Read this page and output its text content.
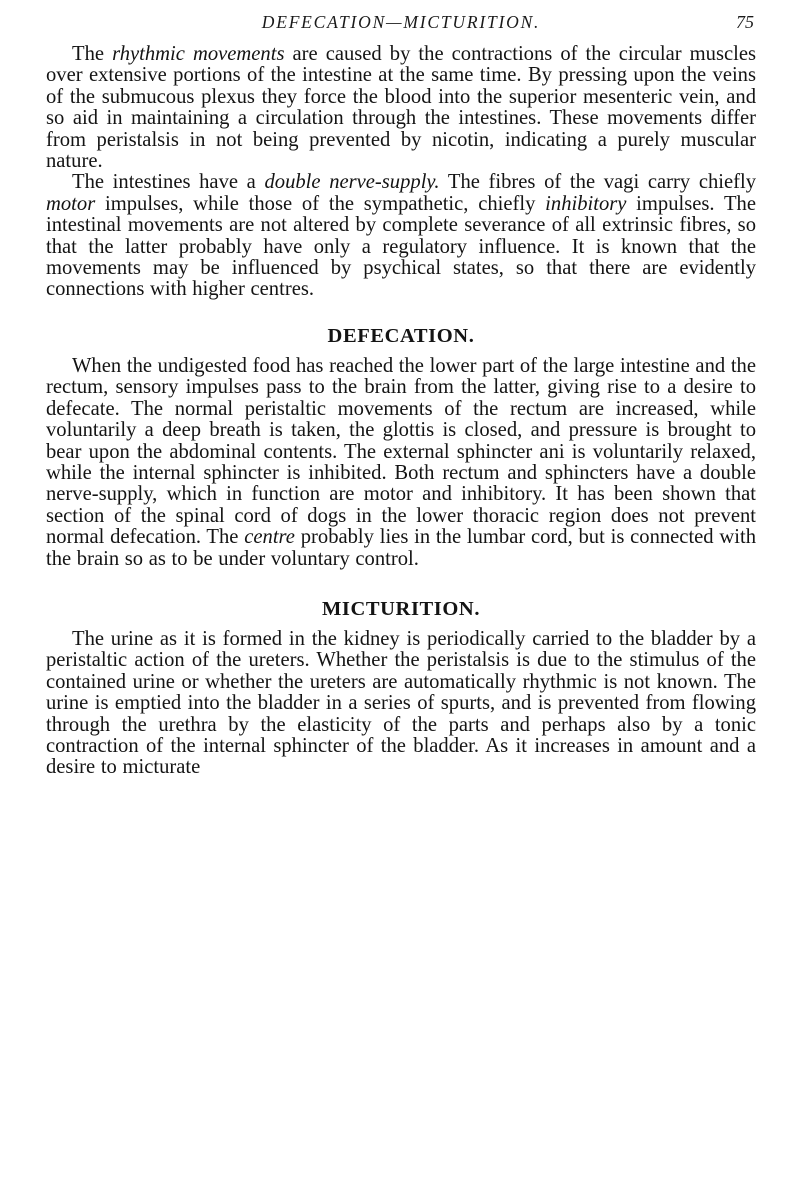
DEFECATION—MICTURITION.	75

The rhythmic movements are caused by the contractions of the circular muscles over extensive portions of the intestine at the same time. By pressing upon the veins of the submucous plexus they force the blood into the superior mesenteric vein, and so aid in maintaining a circulation through the intestines. These movements differ from peristalsis in not being prevented by nicotin, indicating a purely muscular nature.

The intestines have a double nerve-supply. The fibres of the vagi carry chiefly motor impulses, while those of the sympathetic, chiefly inhibitory impulses. The intestinal movements are not altered by complete severance of all extrinsic fibres, so that the latter probably have only a regulatory influence. It is known that the movements may be influenced by psychical states, so that there are evidently connections with higher centres.

DEFECATION.

When the undigested food has reached the lower part of the large intestine and the rectum, sensory impulses pass to the brain from the latter, giving rise to a desire to defecate. The normal peristaltic movements of the rectum are increased, while voluntarily a deep breath is taken, the glottis is closed, and pressure is brought to bear upon the abdominal contents. The external sphincter ani is voluntarily relaxed, while the internal sphincter is inhibited. Both rectum and sphincters have a double nerve-supply, which in function are motor and inhibitory. It has been shown that section of the spinal cord of dogs in the lower thoracic region does not prevent normal defecation. The centre probably lies in the lumbar cord, but is connected with the brain so as to be under voluntary control.

MICTURITION.

The urine as it is formed in the kidney is periodically carried to the bladder by a peristaltic action of the ureters. Whether the peristalsis is due to the stimulus of the contained urine or whether the ureters are automatically rhythmic is not known. The urine is emptied into the bladder in a series of spurts, and is prevented from flowing through the urethra by the elasticity of the parts and perhaps also by a tonic contraction of the internal sphincter of the bladder. As it increases in amount and a desire to micturate
